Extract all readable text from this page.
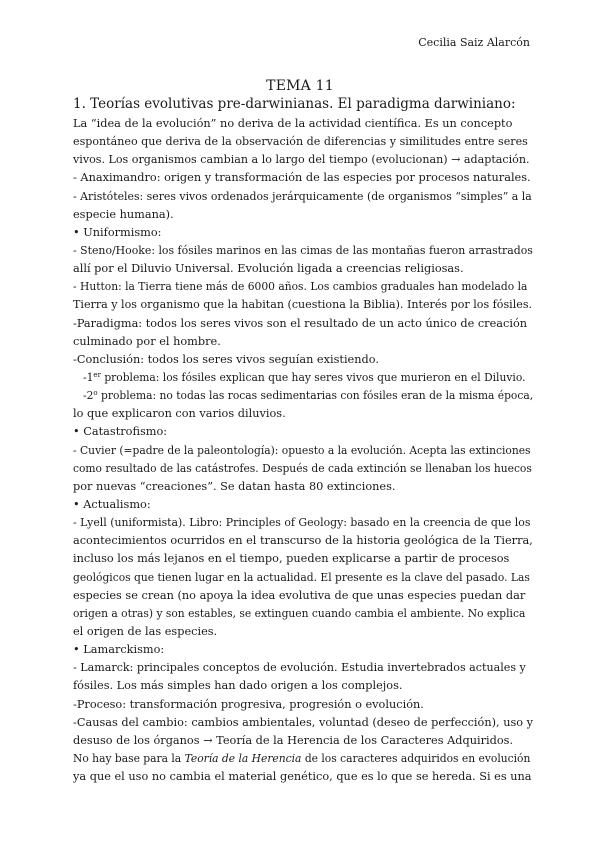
Cecilia Saiz Alarcón
TEMA 11
1. Teorías evolutivas pre-darwinianas. El paradigma darwiniano:
La “idea de la evolución” no deriva de la actividad científica. Es un concepto
espontáneo que deriva de la observación de diferencias y similitudes entre seres
vivos. Los organismos cambian a lo largo del tiempo (evolucionan) → adaptación.
- Anaximandro: origen y transformación de las especies por procesos naturales.
- Aristóteles: seres vivos ordenados jerárquicamente (de organismos “simples” a la
especie humana).
• Uniformismo:
- Steno/Hooke: los fósiles marinos en las cimas de las montañas fueron arrastrados
allí por el Diluvio Universal. Evolución ligada a creencias religiosas.
- Hutton: la Tierra tiene más de 6000 años. Los cambios graduales han modelado la
Tierra y los organismo que la habitan (cuestiona la Biblia). Interés por los fósiles.
-Paradigma: todos los seres vivos son el resultado de un acto único de creación
culminado por el hombre.
-Conclusión: todos los seres vivos seguían existiendo.
-1er problema: los fósiles explican que hay seres vivos que murieron en el Diluvio.
-2$^o$ problema: no todas las rocas sedimentarias con fósiles eran de la misma época,
lo que explicaron con varios diluvios.
• Catastrofismo:
- Cuvier (=padre de la paleontología): opuesto a la evolución. Acepta las extinciones
como resultado de las catástrofes. Después de cada extinción se llenaban los huecos
por nuevas “creaciones”. Se datan hasta 80 extinciones.
• Actualismo:
- Lyell (uniformista). Libro: Principles of Geology: basado en la creencia de que los
acontecimientos ocurridos en el transcurso de la historia geológica de la Tierra,
incluso los más lejanos en el tiempo, pueden explicarse a partir de procesos
geológicos que tienen lugar en la actualidad. El presente es la clave del pasado. Las
especies se crean (no apoya la idea evolutiva de que unas especies puedan dar
origen a otras) y son estables, se extinguen cuando cambia el ambiente. No explica
el origen de las especies.
• Lamarckismo:
- Lamarck: principales conceptos de evolución. Estudia invertebrados actuales y
fósiles. Los más simples han dado origen a los complejos.
-Proceso: transformación progresiva, progresión o evolución.
-Causas del cambio: cambios ambientales, voluntad (deseo de perfección), uso y
desuso de los órganos → Teoría de la Herencia de los Caracteres Adquiridos.
No hay base para la Teoría de la Herencia de los caracteres adquiridos en evolución
ya que el uso no cambia el material genético, que es lo que se hereda. Si es una
